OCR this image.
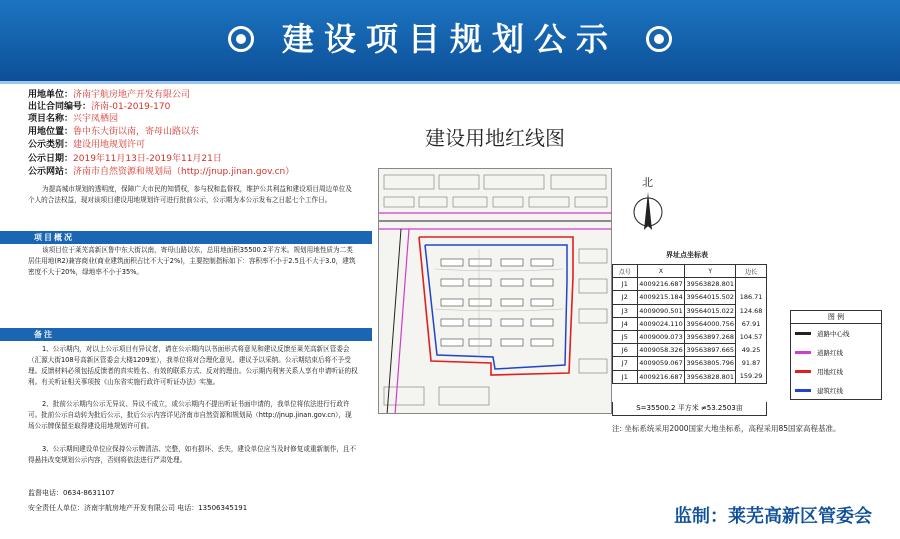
建设项目规划公示
用地单位：济南宇航房地产开发有限公司
出让合同编号：济南-01-2019-170
项目名称：兴宇凤栖园
用地位置：鲁中东大街以南，寄母山路以东
公示类别：建设用地规划许可
公示日期：2019年11月13日-2019年11月21日
公示网站：济南市自然资源和规划局（http://jnup.jinan.gov.cn）
为提高城市规划的透明度，保障广大市民的知情权，参与权和监督权，维护公共利益和建设项目周边单位及个人的合法权益，现对该项目建设用地规划许可进行批前公示，公示期为本公示发布之日起七个工作日。
项目概况
该项目位于莱芜高新区鲁中东大街以南，寄母山路以东，总用地面积35500.2平方米。规划用地性质为二类居住用地(R2)兼容商业(商业建筑面积占比不大于2%)，主要控制指标如下：容积率不小于2.5且不大于3.0，建筑密度不大于20%，绿地率不小于35%。
备注
1、公示期内，对以上公示项目有异议者，请在公示期内以书面形式将意见和建议反馈至莱芜高新区管委会（汇源大街108号高新区管委会大楼1209室），我单位将对合理化意见、建议予以采纳。公示期结束后将不予受理。反馈材料必须包括反馈者的真实姓名、有效的联系方式、反对的理由。公示期内利害关系人享有申请听证的权利。有关听证相关事项按《山东省实施行政许可听证办法》实施。
2、批前公示期内公示无异议、异议不成立，或公示期内不提出听证书面申请的，我单位将依法进行行政许可。批前公示自动转为批后公示，批后公示内容详见济南市自然资源和规划局（http://jnup.jinan.gov.cn），现场公示牌保留至取得建设用地规划许可前。
3、公示期间建设单位应保持公示牌清洁、完整，如有损坏、丢失，建设单位应当及时修复或重新制作，且不得悬挂改变规划公示内容，否则将依法进行严肃处理。
建设用地红线图
北
界址点坐标表
点号	X	Y	边长
J1	4009216.687	39563828.801	
J2	4009215.184	39564015.502	186.71
J3	4009090.501	39564015.022	124.68
J4	4009024.110	39564000.756	67.91
J5	4009009.073	39563897.268	104.57
J6	4009058.326	39563897.665	49.25
J7	4009059.067	39563805.796	91.87
J1	4009216.687	39563828.801	159.29
S=35500.2 平方米 ≠53.2503亩
图 例
道路中心线
道路红线
用地红线
建筑红线
注: 坐标系统采用2000国家大地坐标系，高程采用85国家高程基准。
监督电话：0634-8631107
安全责任人单位：济南宇航房地产开发有限公司 电话：13506345191	监制：莱芜高新区管委会
